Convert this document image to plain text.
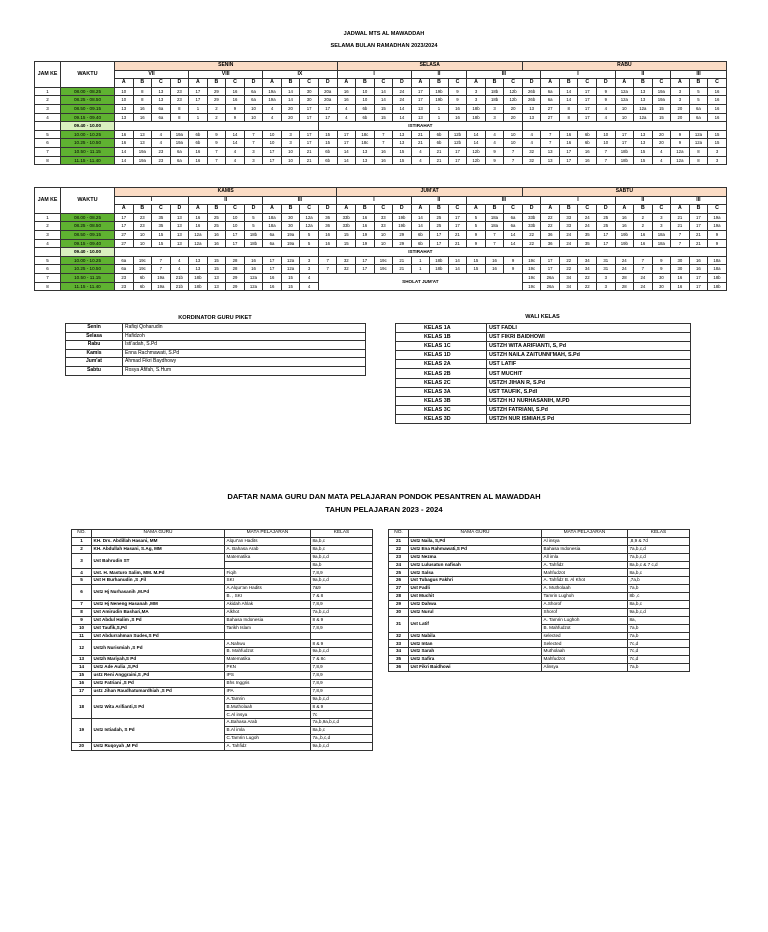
JADWAL MTS AL MAWADDAH
SELAMA BULAN RAMADHAN 2023/2024
JAM KE	WAKTU	SENIN												SELASA										RABU											
		VII				VIII				IX				I				II			III				I				II			III			
		A	B	C	D	A	B	C	D	A	B	C	D	A	B	C	D	A	B	C	A	B	C	D	A	B	C	D	A	B	C	A	B	C	
1	08.00 - 08.25	10	8	13	23	17	29	16	6a	19a	14	30	20a	16	10	14	24	17	19b	9	3	18b	12b	26b	6a	14	17	9	12a	13	19a	3	5	16	
2	08.25 - 08.50	10	8	13	23	17	29	16	6a	19a	14	30	20a	16	10	14	24	17	19b	9	3	18b	12b	26b	6a	14	17	9	12a	13	19a	3	5	16	
3	08.50 - 09.15	13	16	6a	8	1	2	9	10	4	20	17	17	4	6b	15	14	13	1	16	18b	3	20	13	27	8	17	4	10	12a	15	20	6a	16	
4	09.15 - 09.40	13	16	6a	8	1	2	9	10	4	20	17	17	4	6b	15	14	13	1	16	18b	3	20	13	27	8	17	4	10	12a	15	20	6a	16	
	09.40 - 10.00												ISTIRAHAT																						
5	10.00 - 10.25	16	13	4	19a	6b	9	14	7	10	3	17	15	17	18c	7	13	21	6b	12b	14	4	10	4	7	16	6b	10	17	13	20	9	12a	15	
6	10.25 - 10.50	16	13	4	19a	6b	9	14	7	10	3	17	15	17	18c	7	13	21	6b	12b	14	4	10	4	7	16	6b	10	17	13	20	9	12a	15	
7	10.50 - 11.15	14	19a	23	6a	16	7	4	3	17	10	21	6b	14	13	16	15	4	21	17	12b	9	7	32	13	17	16	7	18b	15	4	12a	8	3	
8	11.15 - 11.40	14	19a	23	6a	16	7	4	3	17	10	21	6b	14	13	16	15	4	21	17	12b	9	7	32	13	17	16	7	18b	15	4	12a	8	3	
JAM KE	WAKTU	KAMIS												JUM'AT										SABTU											
		I				II				III				I				II			III				I				II			III			
		A	B	C	D	A	B	C	D	A	B	C	D	A	B	C	D	A	B	C	A	B	C	D	A	B	C	D	A	B	C	A	B	C	
1	08.00 - 08.25	17	23	35	13	16	25	10	5	18a	30	12a	36	33b	16	33	19b	14	25	17	5	18a	6a	33b	22	33	24	25	16	2	3	21	17	19a	
2	08.25 - 08.50	17	23	35	13	16	25	10	5	18a	30	12a	36	33b	16	33	19b	14	25	17	5	18a	6a	33b	22	33	24	25	16	2	3	21	17	19a	
3	08.50 - 09.15	27	10	15	13	12a	16	17	18b	6a	19a	5	16	15	19	10	29	6b	17	21	9	7	14	22	36	24	35	17	19b	16	18a	7	21	9	
4	09.15 - 09.40	27	10	15	13	12a	16	17	18b	6a	19a	5	16	15	19	10	29	6b	17	21	9	7	14	22	36	24	35	17	19b	16	18a	7	21	9	
	09.40 - 10.00												ISTIRAHAT																						
5	10.00 - 10.25	6a	19c	7	4	13	15	28	16	17	12a	3	7	32	17	19c	21	1	18b	14	15	16	9	19c	17	22	34	31	24	7	9	30	16	18a	
6	10.25 - 10.50	6a	19c	7	4	13	15	28	16	17	12a	3	7	32	17	19c	21	1	18b	14	15	16	9	19c	17	22	34	31	24	7	9	30	16	18a	
7	10.50 - 11.15	23	6b	19a	21b	18b	13	29	12a	16	15	4	SHOLAT JUM'AT											19c	26a	34	22	3	28	24	30	16	17	18b	
8	11.15 - 11.40	23	6b	19a	21b	18b	13	29	12a	16	15	4												19c	26a	34	22	3	28	24	30	16	17	18b	
KORDINATOR GURU PIKET
Senin	Rafiqi Qoharudin
Selasa	Hafidzoh
Rabu	Isti'adah, S.Pd
Kamis	Enna Rachmawati, S.Pd
Jum'at	Ahmad Fikri Baydhowy
Sabtu	Rosya Afifah, S.Hum
WALI KELAS
KELAS 1A	UST FADLI
KELAS 1B	UST FIKRI BAIDHOWI
KELAS 1C	USTZH WITA ARIFIANTI, S, Pd
KELAS 1D	USTZH NAILA ZAITUNNI'MAH, S.Pd
KELAS 2A	UST LATIF
KELAS 2B	UST MUCHIT
KELAS 2C	USTZH JIHAN R, S.Pd
KELAS 3A	UST TAUFIK, S.Pdl
KELAS 3B	USTZH HJ NURHASANIH, M.PD
KELAS 3C	USTZH FATRIANI, S.Pd
KELAS 3D	USTZH NUR ISMIAH,S Pd
DAFTAR NAMA GURU DAN MATA PELAJARAN PONDOK PESANTREN AL MAWADDAH
TAHUN PELAJARAN 2023 - 2024
NO.	NAMA GURU	MATA PELAJARAN	KELAS
1	KH. Drs. Abdillah Hasani, MM	Alqur'an Hadits	8a,b,c
2	KH. Abdullah Hasani, S.Ag, MM	A. Bahasa Arab	8a,b,c
3	Ust Bahrudin ST	Matematika	9a,b,c,d
			8a,b
4	Ust. H. Masturo Salim, MM. M.Pd	Fiqih	7,8,9
5	Ust H Burhanudin ,S ,Fil	SKI	9a,b,c,d
6	Ustz Hj Nurhasanih ,M.Pd	A.Alqur'an Hadits	7&9
		B. , SKI	7 & 8
7	Ustz Hj Neneng Hasanah ,MM	Akidah Ahlak	7,8,9
8	Ust Amirudin Bashari,MA	Alkhot	7a,b,c,d
9	Ust Abdul Halim ,S Pd	Bahasa Indonesia	8 & 9
10	Ust Taufik,S,Pd	Tarikh Islam	7,8,9
11	Ust Abdurrahman Sudes,S Pd		
12	Ustzh Nurismiah ,S Pd	A.Nahwu	8 & 9
		B. Mahfudzot	9a,b,c,d
13	Ustzh Mariyah,S Pd	Matematika	7 & 8c
14	Ustz Ade Aulia ,S,Pd	PKN	7,8,9
15	ustz Reni Anggraini,S ,Pd	IPS	7,8,9
16	Ustz Fatriani ,S Pd	Bhs Inggris	7,8,9
17	ustz Jihan Raudhatumardhiah ,S Pd	IPA	7,8,9
18	Ustz Wita Arifianti,S Pd	A.Tamrin	9a,b,c,d
		B.Mutholaah	8 & 9
		C.Al insya	7c
19	Ustz Istiadah, S Pd	A.Bahasa Arab	7a,b,9a,b,c,d
		B.Al imla	8a,b,c
		C.Tamrin Lugoh	7a,,b,c,d
20	Ustz Ruqoyah ,M Pd	A. Tahfidz	9a,b,c,d
NO.	NAMA GURU	MATA PELAJARAN	KELAS
21	Ustz Naila, S,Pd	Al insya	,8,9 & 7d
22	Ustz Ena Rahmawati,S Pd	Bahasa Indonesia	7a,b,c,d
23	Ustz Nezma	All imla	7a,b,c,d
24	Ustz Lulusatun nafisah	A. Tahfidz	8a,b,c & 7 c,d
25	Ustz Salsa	Mahfudzot	8a,b,c
26	Ust Tubagus Fakhri	A. Tahfidz B. Al Khot	,7a,b
27	Ust Fadli	A. Mutholaah	7a,b
28	Ust Muchit	Tamrin Lughoh	8b ,c
29	Ustz Dahwa	A.Shorof	8a,b,c
30	Ustz Nurul	Shorof	9a,b,c,d
31	Ust Latif	A. Tamrin Lughoh	8a,
		B. Mahfudzot	7a,b
32	Ustz Nabila	selected	7a,b
33	Ustz Intan	Selected	7c,d
34	Ustz Sarah	Mutholaah	7c,d
35	Ustz Safira	Mahfudzot	7c,d
36	Ust Fikri Baidhowi	Alinsya	7a,b
